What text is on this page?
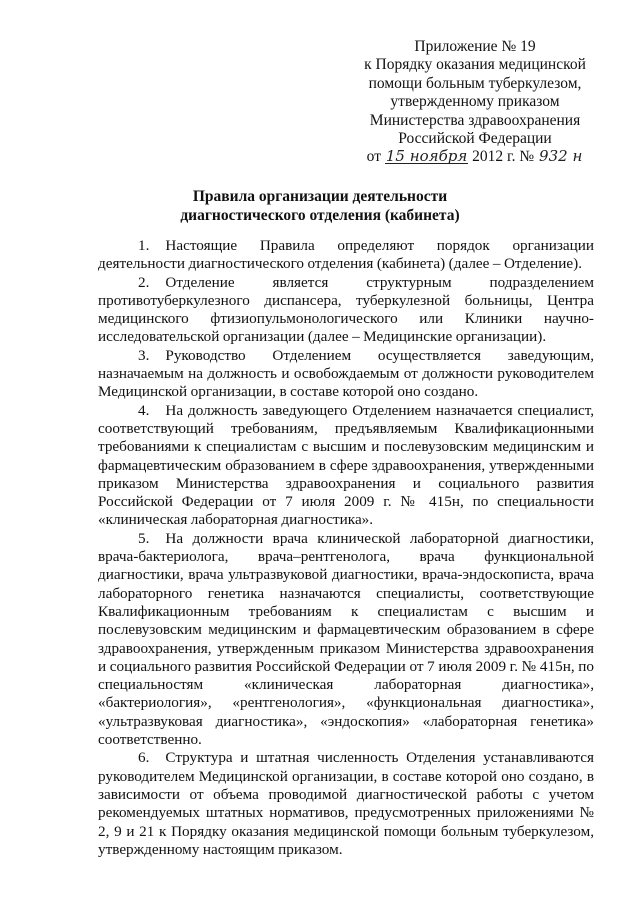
Приложение № 19
к Порядку оказания медицинской
помощи больным туберкулезом,
утвержденному приказом
Министерства здравоохранения
Российской Федерации
от 15 ноября 2012 г. № 932 н
Правила организации деятельности
диагностического отделения (кабинета)

1. Настоящие Правила определяют порядок организации деятельности диагностического отделения (кабинета) (далее – Отделение).

2. Отделение является структурным подразделением противотуберкулезного диспансера, туберкулезной больницы, Центра медицинского фтизиопульмонологического или Клиники научно-исследовательской организации (далее – Медицинские организации).

3. Руководство Отделением осуществляется заведующим, назначаемым на должность и освобождаемым от должности руководителем Медицинской организации, в составе которой оно создано.

4. На должность заведующего Отделением назначается специалист, соответствующий требованиям, предъявляемым Квалификационными требованиями к специалистам с высшим и послевузовским медицинским и фармацевтическим образованием в сфере здравоохранения, утвержденными приказом Министерства здравоохранения и социального развития Российской Федерации от 7 июля 2009 г. № 415н, по специальности «клиническая лабораторная диагностика».

5. На должности врача клинической лабораторной диагностики, врача-бактериолога, врача–рентгенолога, врача функциональной диагностики, врача ультразвуковой диагностики, врача-эндоскописта, врача лабораторного генетика назначаются специалисты, соответствующие Квалификационным требованиям к специалистам с высшим и послевузовским медицинским и фармацевтическим образованием в сфере здравоохранения, утвержденным приказом Министерства здравоохранения и социального развития Российской Федерации от 7 июля 2009 г. № 415н, по специальностям «клиническая лабораторная диагностика», «бактериология», «рентгенология», «функциональная диагностика», «ультразвуковая диагностика», «эндоскопия» «лабораторная генетика» соответственно.

6. Структура и штатная численность Отделения устанавливаются руководителем Медицинской организации, в составе которой оно создано, в зависимости от объема проводимой диагностической работы с учетом рекомендуемых штатных нормативов, предусмотренных приложениями № 2, 9 и 21 к Порядку оказания медицинской помощи больным туберкулезом, утвержденному настоящим приказом.
